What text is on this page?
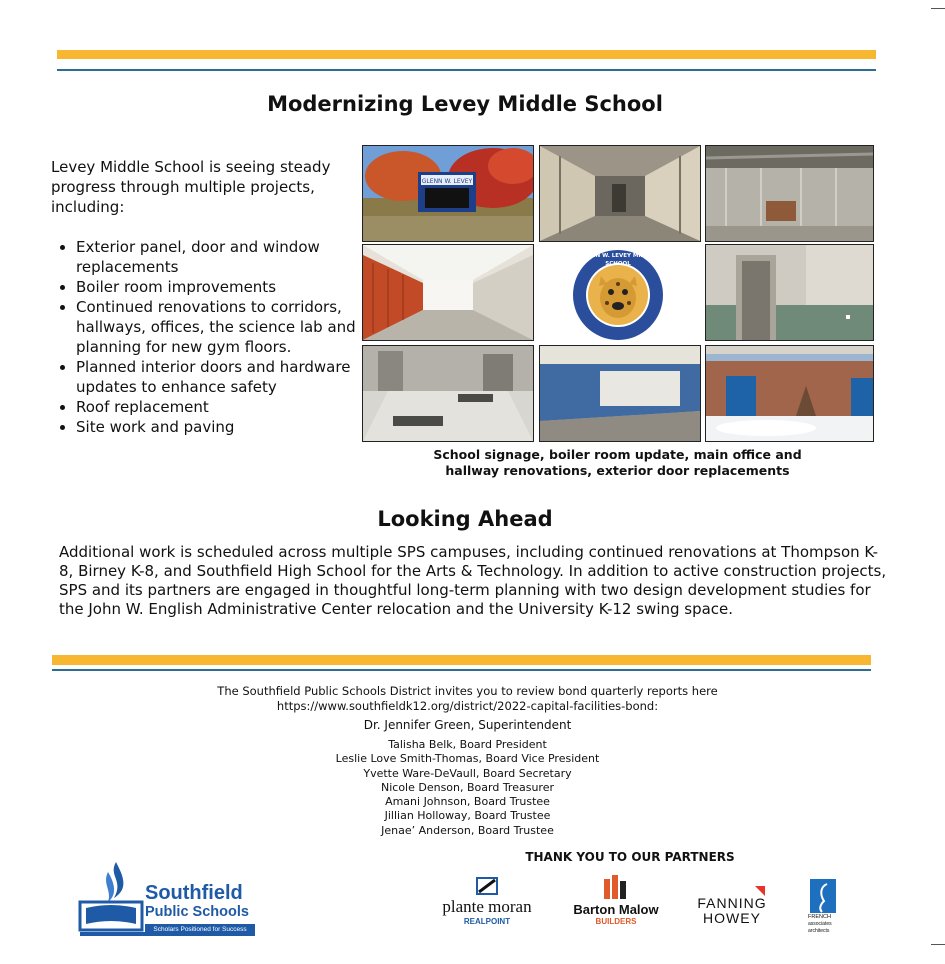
Modernizing Levey Middle School
Levey Middle School is seeing steady progress through multiple projects, including:
• Exterior panel, door and window replacements
• Boiler room improvements
• Continued renovations to corridors, hallways, offices, the science lab and planning for new gym floors.
• Planned interior doors and hardware updates to enhance safety
• Roof replacement
• Site work and paving
GLENN W. LEVEY
GLENN W. LEVEY MIDDLE SCHOOL
School signage, boiler room update, main office and hallway renovations, exterior door replacements
Looking Ahead
Additional work is scheduled across multiple SPS campuses, including continued renovations at Thompson K-8, Birney K-8, and Southfield High School for the Arts & Technology. In addition to active construction projects, SPS and its partners are engaged in thoughtful long-term planning with two design development studies for the John W. English Administrative Center relocation and the University K-12 swing space.
The Southfield Public Schools District invites you to review bond quarterly reports here
https://www.southfieldk12.org/district/2022-capital-facilities-bond:
Dr. Jennifer Green, Superintendent
Talisha Belk, Board President
Leslie Love Smith-Thomas, Board Vice President
Yvette Ware-DeVaull, Board Secretary
Nicole Denson, Board Treasurer
Amani Johnson, Board Trustee
Jillian Holloway, Board Trustee
Jenae’ Anderson, Board Trustee
THANK YOU TO OUR PARTNERS
Southfield
Public Schools
Scholars Positioned for Success
plante moran
REALPOINT
Barton Malow
BUILDERS
FANNING
HOWEY	FRENCH
associates
architects
